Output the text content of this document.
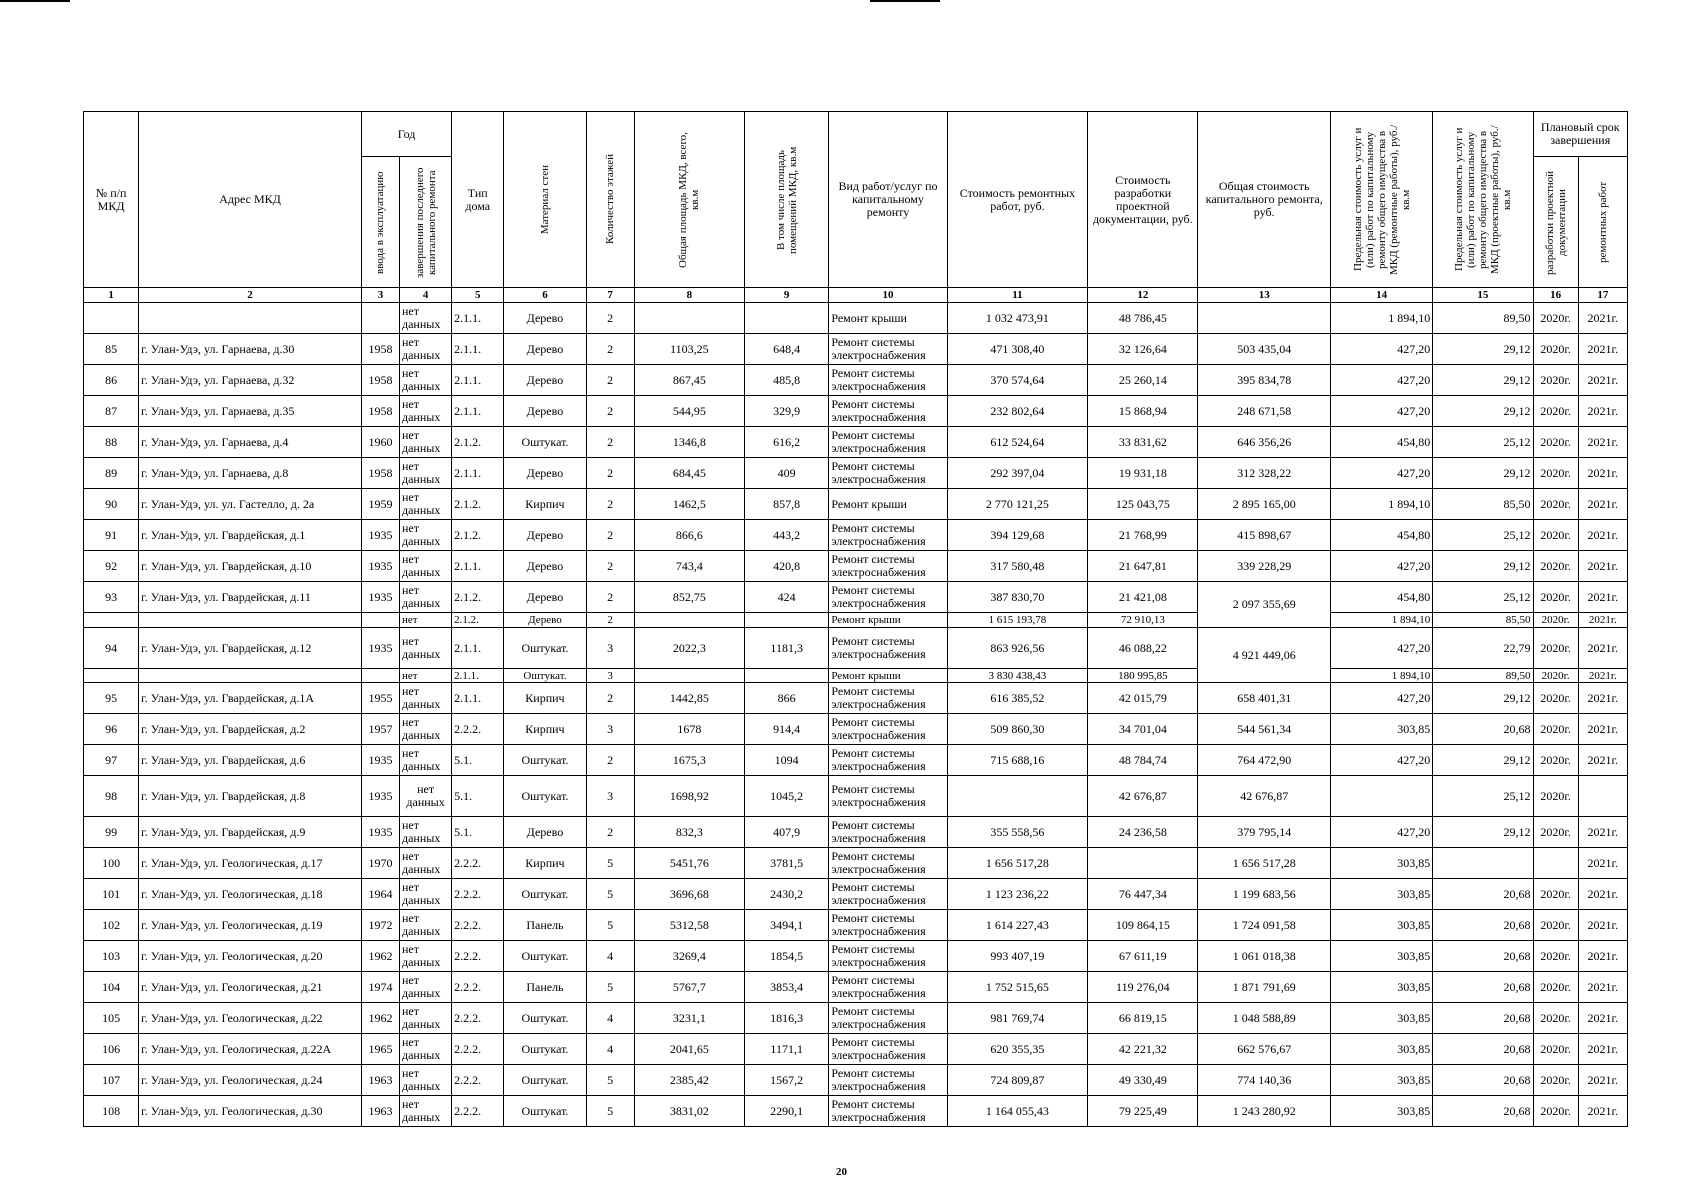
№ п/п МКД	Адрес МКД	Год		Тип дома	Материал стен	Количество этажей	Общая площадь МКД, всего, кв.м	В том числе площадь помещений МКД, кв.м	Вид работ/услуг по капитальному ремонту	Стоимость ремонтных работ, руб.	Стоимость разработки проектной документации, руб.	Общая стоимость капитального ремонта, руб.	Предельная стоимость услуг и (или) работ по капитальному ремонту общего имущества в МКД (ремонтные работы), руб./кв.м	Предельная стоимость услуг и (или) работ по капитальному ремонту общего имущества в МКД (проектные работы), руб./кв.м	Плановый срок завершения	

		ввода в эксплуатацию	завершения последнего капитального ремонта												разработки проектной документации	ремонтных работ

1	2	3	4	5	6	7	8	9	10	11	12	13	14	15	16	17
			нет данных	2.1.1.	Дерево	2			Ремонт крыши	1 032 473,91	48 786,45		1 894,10	89,50	2020г.	2021г.
85	г. Улан-Удэ, ул. Гарнаева, д.30	1958	нет данных	2.1.1.	Дерево	2	1103,25	648,4	Ремонт системы электроснабжения	471 308,40	32 126,64	503 435,04	427,20	29,12	2020г.	2021г.
86	г. Улан-Удэ, ул. Гарнаева, д.32	1958	нет данных	2.1.1.	Дерево	2	867,45	485,8	Ремонт системы электроснабжения	370 574,64	25 260,14	395 834,78	427,20	29,12	2020г.	2021г.
87	г. Улан-Удэ, ул. Гарнаева, д.35	1958	нет данных	2.1.1.	Дерево	2	544,95	329,9	Ремонт системы электроснабжения	232 802,64	15 868,94	248 671,58	427,20	29,12	2020г.	2021г.
88	г. Улан-Удэ, ул. Гарнаева, д.4	1960	нет данных	2.1.2.	Оштукат.	2	1346,8	616,2	Ремонт системы электроснабжения	612 524,64	33 831,62	646 356,26	454,80	25,12	2020г.	2021г.
89	г. Улан-Удэ, ул. Гарнаева, д.8	1958	нет данных	2.1.1.	Дерево	2	684,45	409	Ремонт системы электроснабжения	292 397,04	19 931,18	312 328,22	427,20	29,12	2020г.	2021г.
90	г. Улан-Удэ, ул. ул. Гастелло, д. 2а	1959	нет данных	2.1.2.	Кирпич	2	1462,5	857,8	Ремонт крыши	2 770 121,25	125 043,75	2 895 165,00	1 894,10	85,50	2020г.	2021г.
91	г. Улан-Удэ, ул. Гвардейская, д.1	1935	нет данных	2.1.2.	Дерево	2	866,6	443,2	Ремонт системы электроснабжения	394 129,68	21 768,99	415 898,67	454,80	25,12	2020г.	2021г.
92	г. Улан-Удэ, ул. Гвардейская, д.10	1935	нет данных	2.1.1.	Дерево	2	743,4	420,8	Ремонт системы электроснабжения	317 580,48	21 647,81	339 228,29	427,20	29,12	2020г.	2021г.
93	г. Улан-Удэ, ул. Гвардейская, д.11	1935	нет данных	2.1.2.	Дерево	2	852,75	424	Ремонт системы электроснабжения	387 830,70	21 421,08	2 097 355,69	454,80	25,12	2020г.	2021г.
			нет	2.1.2.	Дерево	2			Ремонт крыши	1 615 193,78	72 910,13		1 894,10	85,50	2020г.	2021г.
94	г. Улан-Удэ, ул. Гвардейская, д.12	1935	нет данных	2.1.1.	Оштукат.	3	2022,3	1181,3	Ремонт системы электроснабжения	863 926,56	46 088,22	4 921 449,06	427,20	22,79	2020г.	2021г.
			нет	2.1.1.	Оштукат.	3			Ремонт крыши	3 830 438,43	180 995,85		1 894,10	89,50	2020г.	2021г.
95	г. Улан-Удэ, ул. Гвардейская, д.1А	1955	нет данных	2.1.1.	Кирпич	2	1442,85	866	Ремонт системы электроснабжения	616 385,52	42 015,79	658 401,31	427,20	29,12	2020г.	2021г.
96	г. Улан-Удэ, ул. Гвардейская, д.2	1957	нет данных	2.2.2.	Кирпич	3	1678	914,4	Ремонт системы электроснабжения	509 860,30	34 701,04	544 561,34	303,85	20,68	2020г.	2021г.
97	г. Улан-Удэ, ул. Гвардейская, д.6	1935	нет данных	5.1.	Оштукат.	2	1675,3	1094	Ремонт системы электроснабжения	715 688,16	48 784,74	764 472,90	427,20	29,12	2020г.	2021г.
98	г. Улан-Удэ, ул. Гвардейская, д.8	1935	нет данных	5.1.	Оштукат.	3	1698,92	1045,2	Ремонт системы электроснабжения		42 676,87	42 676,87		25,12	2020г.	
99	г. Улан-Удэ, ул. Гвардейская, д.9	1935	нет данных	5.1.	Дерево	2	832,3	407,9	Ремонт системы электроснабжения	355 558,56	24 236,58	379 795,14	427,20	29,12	2020г.	2021г.
100	г. Улан-Удэ, ул. Геологическая, д.17	1970	нет данных	2.2.2.	Кирпич	5	5451,76	3781,5	Ремонт системы электроснабжения	1 656 517,28		1 656 517,28	303,85			2021г.
101	г. Улан-Удэ, ул. Геологическая, д.18	1964	нет данных	2.2.2.	Оштукат.	5	3696,68	2430,2	Ремонт системы электроснабжения	1 123 236,22	76 447,34	1 199 683,56	303,85	20,68	2020г.	2021г.
102	г. Улан-Удэ, ул. Геологическая, д.19	1972	нет данных	2.2.2.	Панель	5	5312,58	3494,1	Ремонт системы электроснабжения	1 614 227,43	109 864,15	1 724 091,58	303,85	20,68	2020г.	2021г.
103	г. Улан-Удэ, ул. Геологическая, д.20	1962	нет данных	2.2.2.	Оштукат.	4	3269,4	1854,5	Ремонт системы электроснабжения	993 407,19	67 611,19	1 061 018,38	303,85	20,68	2020г.	2021г.
104	г. Улан-Удэ, ул. Геологическая, д.21	1974	нет данных	2.2.2.	Панель	5	5767,7	3853,4	Ремонт системы электроснабжения	1 752 515,65	119 276,04	1 871 791,69	303,85	20,68	2020г.	2021г.
105	г. Улан-Удэ, ул. Геологическая, д.22	1962	нет данных	2.2.2.	Оштукат.	4	3231,1	1816,3	Ремонт системы электроснабжения	981 769,74	66 819,15	1 048 588,89	303,85	20,68	2020г.	2021г.
106	г. Улан-Удэ, ул. Геологическая, д.22А	1965	нет данных	2.2.2.	Оштукат.	4	2041,65	1171,1	Ремонт системы электроснабжения	620 355,35	42 221,32	662 576,67	303,85	20,68	2020г.	2021г.
107	г. Улан-Удэ, ул. Геологическая, д.24	1963	нет данных	2.2.2.	Оштукат.	5	2385,42	1567,2	Ремонт системы электроснабжения	724 809,87	49 330,49	774 140,36	303,85	20,68	2020г.	2021г.
108	г. Улан-Удэ, ул. Геологическая, д.30	1963	нет данных	2.2.2.	Оштукат.	5	3831,02	2290,1	Ремонт системы электроснабжения	1 164 055,43	79 225,49	1 243 280,92	303,85	20,68	2020г.	2021г.
20
